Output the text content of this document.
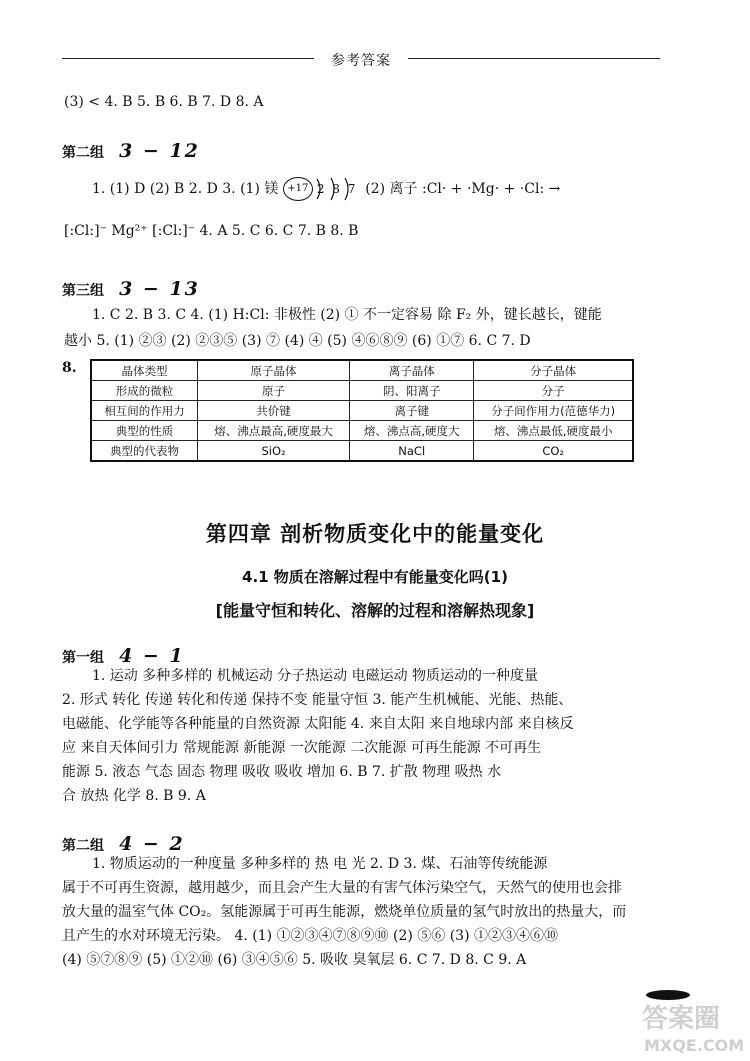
参考答案
(3) < 4. B 5. B 6. B 7. D 8. A
第二组 3 − 12
1. (1) D (2) B 2. D 3. (1) 镁 +17 2 8 7 (2) 离子 :Cl· + ·Mg· + ·Cl: →
[:Cl:]⁻ Mg²⁺ [:Cl:]⁻ 4. A 5. C 6. C 7. B 8. B
第三组 3 − 13
1. C 2. B 3. C 4. (1) H:Cl: 非极性 (2) ① 不一定容易 除 F₂ 外，键长越长，键能
越小 5. (1) ②③ (2) ②③⑤ (3) ⑦ (4) ④ (5) ④⑥⑧⑨ (6) ①⑦ 6. C 7. D
8.	晶体类型	原子晶体	离子晶体	分子晶体
形成的微粒	原子	阴、阳离子	分子
相互间的作用力	共价键	离子键	分子间作用力(范德华力)
典型的性质	熔、沸点最高,硬度最大	熔、沸点高,硬度大	熔、沸点最低,硬度最小
典型的代表物	SiO₂	NaCl	CO₂
第四章 剖析物质变化中的能量变化
4.1 物质在溶解过程中有能量变化吗(1)
[能量守恒和转化、溶解的过程和溶解热现象]
第一组 4 − 1
1. 运动 多种多样的 机械运动 分子热运动 电磁运动 物质运动的一种度量
2. 形式 转化 传递 转化和传递 保持不变 能量守恒 3. 能产生机械能、光能、热能、
电磁能、化学能等各种能量的自然资源 太阳能 4. 来自太阳 来自地球内部 来自核反
应 来自天体间引力 常规能源 新能源 一次能源 二次能源 可再生能源 不可再生
能源 5. 液态 气态 固态 物理 吸收 吸收 增加 6. B 7. 扩散 物理 吸热 水
合 放热 化学 8. B 9. A
第二组 4 − 2
1. 物质运动的一种度量 多种多样的 热 电 光 2. D 3. 煤、石油等传统能源
属于不可再生资源，越用越少，而且会产生大量的有害气体污染空气，天然气的使用也会排
放大量的温室气体 CO₂。氢能源属于可再生能源，燃烧单位质量的氢气时放出的热量大，而
且产生的水对环境无污染。 4. (1) ①②③④⑦⑧⑨⑩ (2) ⑤⑥ (3) ①②③④⑥⑩
(4) ⑤⑦⑧⑨ (5) ①②⑩ (6) ③④⑤⑥ 5. 吸收 臭氧层 6. C 7. D 8. C 9. A
答案圈
MXQE.COM
